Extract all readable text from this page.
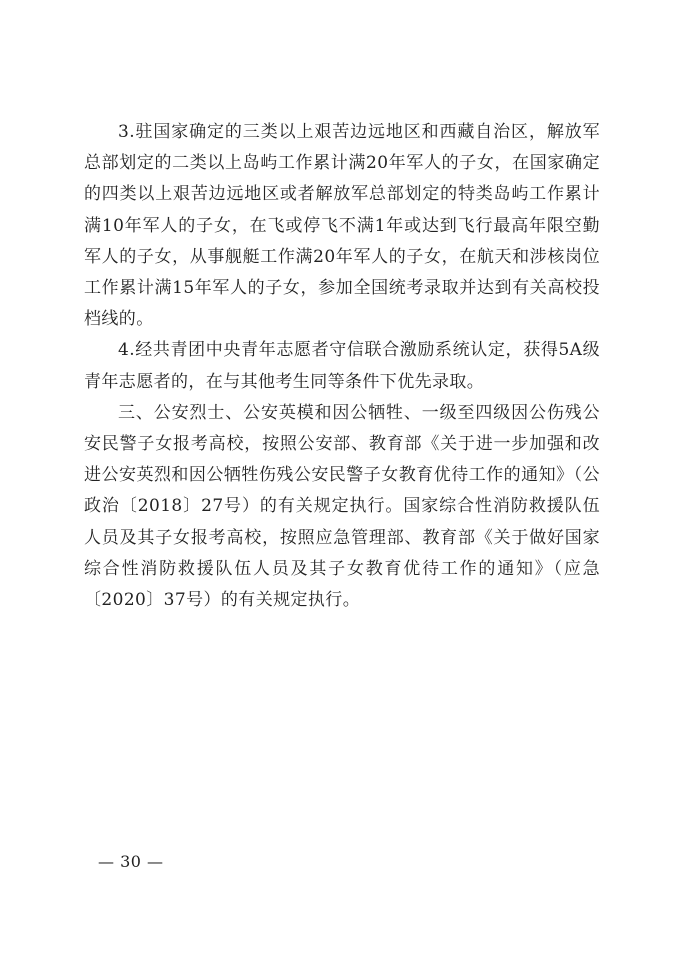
3.驻国家确定的三类以上艰苦边远地区和西藏自治区，解放军总部划定的二类以上岛屿工作累计满20年军人的子女，在国家确定的四类以上艰苦边远地区或者解放军总部划定的特类岛屿工作累计满10年军人的子女，在飞或停飞不满1年或达到飞行最高年限空勤军人的子女，从事舰艇工作满20年军人的子女，在航天和涉核岗位工作累计满15年军人的子女，参加全国统考录取并达到有关高校投档线的。

4.经共青团中央青年志愿者守信联合激励系统认定，获得5A级青年志愿者的，在与其他考生同等条件下优先录取。

三、公安烈士、公安英模和因公牺牲、一级至四级因公伤残公安民警子女报考高校，按照公安部、教育部《关于进一步加强和改进公安英烈和因公牺牲伤残公安民警子女教育优待工作的通知》（公政治〔2018〕27号）的有关规定执行。国家综合性消防救援队伍人员及其子女报考高校，按照应急管理部、教育部《关于做好国家综合性消防救援队伍人员及其子女教育优待工作的通知》（应急〔2020〕37号）的有关规定执行。

— 30 —
